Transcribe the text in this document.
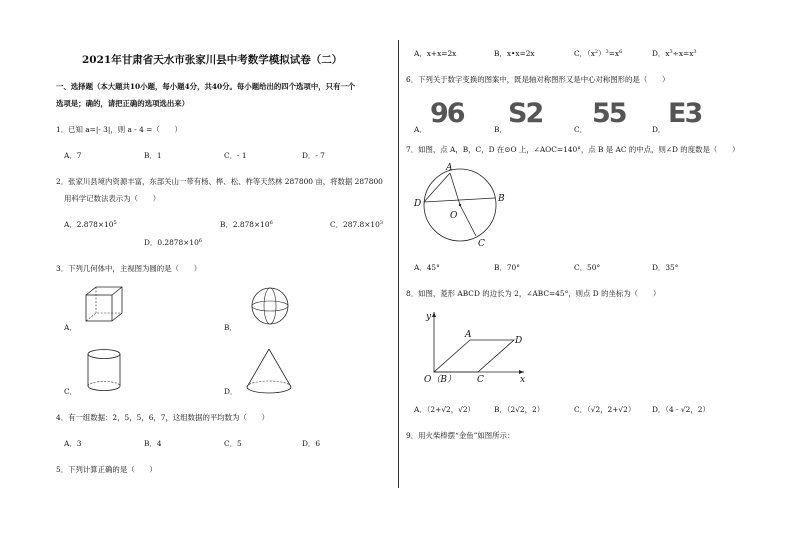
2021年甘肃省天水市张家川县中考数学模拟试卷（二）
一、选择题（本大题共10小题，每小题4分，共40分。每小题给出的四个选项中，只有一个
选项是；确的，请把正确的选项选出来）
1．已知 a=|- 3|，则 a - 4 =（　　）
A．7	B．1	C．- 1	D．- 7
2．张家川县境内资源丰富，东部关山一带有杨、桦、松、柞等天然林 287800 亩，将数据 287800
用科学记数法表示为（　　）
A．$2.878\times 10^5$	B．$2.878\times 10^6$	C．$287.8\times 10^3$
D．$0.2878\times 10^6$
3．下列几何体中，主视图为圆的是（　　）
A．	B．
C．	D．
4．有一组数据：2，5，5，6，7，这组数据的平均数为（　　）
A．3	B．4	C．5	D．6
5．下列计算正确的是（　　）
A．x+x=2x	B．x•x=2x	C．$(x^2)^3=x^6$	D．$x^3\div x=x^3$
6．下列关于数字变换的图案中，既是轴对称图形又是中心对称图形的是（　　）
A．
96
B．
S2
C．
55
D．
E3
7．如图，点 A，B，C，D 在⊙O 上，∠AOC=140°，点 B 是 AC 的中点，则∠D 的度数是（　　）
A
B
C
D
O
A．45°	B．70°	C．50°	D．35°
8．如图，菱形 ABCD 的边长为 2，∠ABC=45°，则点 D 的坐标为（　　）
y
x
A
D
C
O（B）
A．（2+√2，√2）	B．（2√2，2）	C．（√2，2+√2） D．（4 - √2，2）
9．用火柴棒摆“金鱼”如图所示：
